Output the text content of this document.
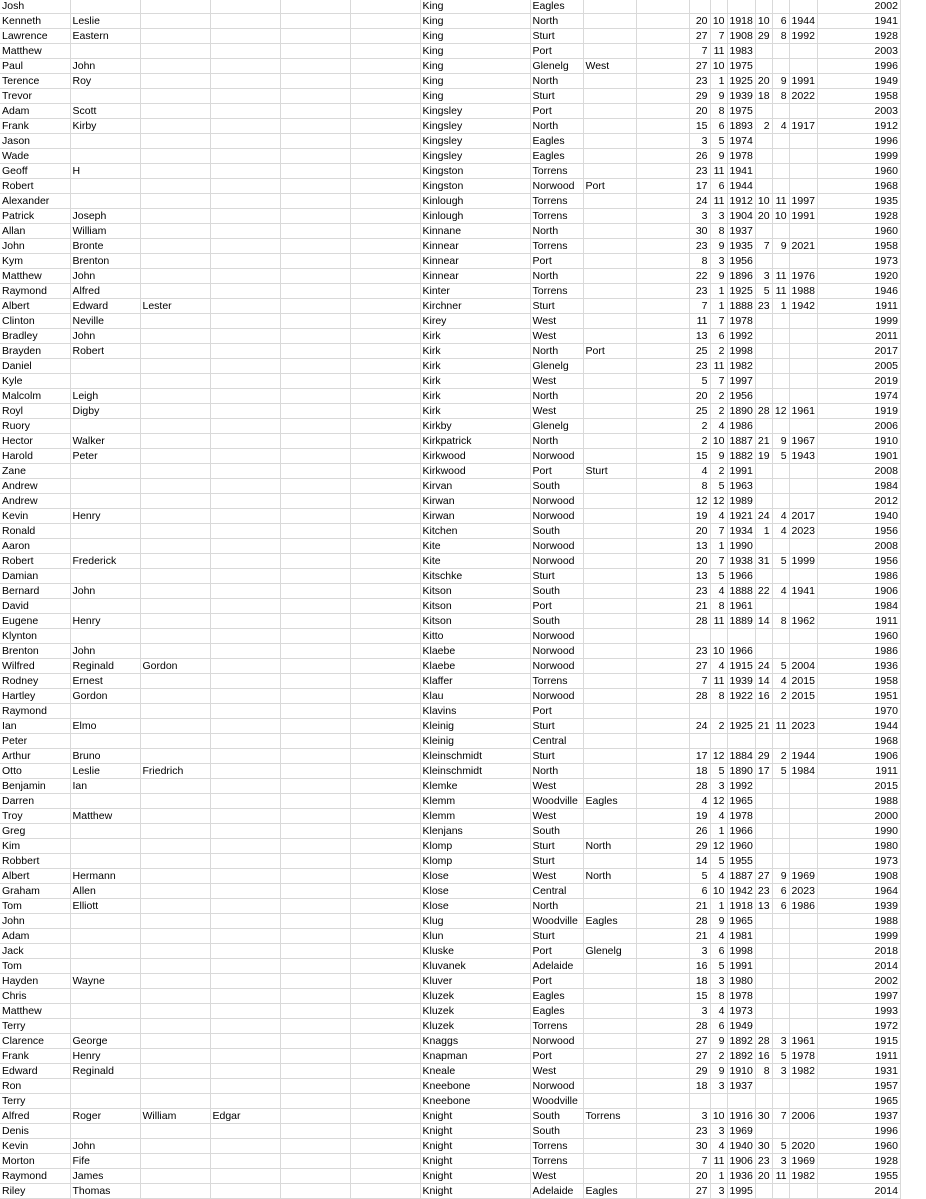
Josh						King	Eagles									2002
Kenneth	Leslie					King	North			20	10	1918	10	6	1944	1941
Lawrence	Eastern					King	Sturt			27	7	1908	29	8	1992	1928
Matthew						King	Port			7	11	1983				2003
Paul	John					King	Glenelg	West		27	10	1975				1996
Terence	Roy					King	North			23	1	1925	20	9	1991	1949
Trevor						King	Sturt			29	9	1939	18	8	2022	1958
Adam	Scott					Kingsley	Port			20	8	1975				2003
Frank	Kirby					Kingsley	North			15	6	1893	2	4	1917	1912
Jason						Kingsley	Eagles			3	5	1974				1996
Wade						Kingsley	Eagles			26	9	1978				1999
Geoff	H					Kingston	Torrens			23	11	1941				1960
Robert						Kingston	Norwood	Port		17	6	1944				1968
Alexander						Kinlough	Torrens			24	11	1912	10	11	1997	1935
Patrick	Joseph					Kinlough	Torrens			3	3	1904	20	10	1991	1928
Allan	William					Kinnane	North			30	8	1937				1960
John	Bronte					Kinnear	Torrens			23	9	1935	7	9	2021	1958
Kym	Brenton					Kinnear	Port			8	3	1956				1973
Matthew	John					Kinnear	North			22	9	1896	3	11	1976	1920
Raymond	Alfred					Kinter	Torrens			23	1	1925	5	11	1988	1946
Albert	Edward	Lester				Kirchner	Sturt			7	1	1888	23	1	1942	1911
Clinton	Neville					Kirey	West			11	7	1978				1999
Bradley	John					Kirk	West			13	6	1992				2011
Brayden	Robert					Kirk	North	Port		25	2	1998				2017
Daniel						Kirk	Glenelg			23	11	1982				2005
Kyle						Kirk	West			5	7	1997				2019
Malcolm	Leigh					Kirk	North			20	2	1956				1974
Royl	Digby					Kirk	West			25	2	1890	28	12	1961	1919
Ruory						Kirkby	Glenelg			2	4	1986				2006
Hector	Walker					Kirkpatrick	North			2	10	1887	21	9	1967	1910
Harold	Peter					Kirkwood	Norwood			15	9	1882	19	5	1943	1901
Zane						Kirkwood	Port	Sturt		4	2	1991				2008
Andrew						Kirvan	South			8	5	1963				1984
Andrew						Kirwan	Norwood			12	12	1989				2012
Kevin	Henry					Kirwan	Norwood			19	4	1921	24	4	2017	1940
Ronald						Kitchen	South			20	7	1934	1	4	2023	1956
Aaron						Kite	Norwood			13	1	1990				2008
Robert	Frederick					Kite	Norwood			20	7	1938	31	5	1999	1956
Damian						Kitschke	Sturt			13	5	1966				1986
Bernard	John					Kitson	South			23	4	1888	22	4	1941	1906
David						Kitson	Port			21	8	1961				1984
Eugene	Henry					Kitson	South			28	11	1889	14	8	1962	1911
Klynton						Kitto	Norwood									1960
Brenton	John					Klaebe	Norwood			23	10	1966				1986
Wilfred	Reginald	Gordon				Klaebe	Norwood			27	4	1915	24	5	2004	1936
Rodney	Ernest					Klaffer	Torrens			7	11	1939	14	4	2015	1958
Hartley	Gordon					Klau	Norwood			28	8	1922	16	2	2015	1951
Raymond						Klavins	Port									1970
Ian	Elmo					Kleinig	Sturt			24	2	1925	21	11	2023	1944
Peter						Kleinig	Central									1968
Arthur	Bruno					Kleinschmidt	Sturt			17	12	1884	29	2	1944	1906
Otto	Leslie	Friedrich				Kleinschmidt	North			18	5	1890	17	5	1984	1911
Benjamin	Ian					Klemke	West			28	3	1992				2015
Darren						Klemm	Woodville	Eagles		4	12	1965				1988
Troy	Matthew					Klemm	West			19	4	1978				2000
Greg						Klenjans	South			26	1	1966				1990
Kim						Klomp	Sturt	North		29	12	1960				1980
Robbert						Klomp	Sturt			14	5	1955				1973
Albert	Hermann					Klose	West	North		5	4	1887	27	9	1969	1908
Graham	Allen					Klose	Central			6	10	1942	23	6	2023	1964
Tom	Elliott					Klose	North			21	1	1918	13	6	1986	1939
John						Klug	Woodville	Eagles		28	9	1965				1988
Adam						Klun	Sturt			21	4	1981				1999
Jack						Kluske	Port	Glenelg		3	6	1998				2018
Tom						Kluvanek	Adelaide			16	5	1991				2014
Hayden	Wayne					Kluver	Port			18	3	1980				2002
Chris						Kluzek	Eagles			15	8	1978				1997
Matthew						Kluzek	Eagles			3	4	1973				1993
Terry						Kluzek	Torrens			28	6	1949				1972
Clarence	George					Knaggs	Norwood			27	9	1892	28	3	1961	1915
Frank	Henry					Knapman	Port			27	2	1892	16	5	1978	1911
Edward	Reginald					Kneale	West			29	9	1910	8	3	1982	1931
Ron						Kneebone	Norwood			18	3	1937				1957
Terry						Kneebone	Woodville									1965
Alfred	Roger	William	Edgar			Knight	South	Torrens		3	10	1916	30	7	2006	1937
Denis						Knight	South			23	3	1969				1996
Kevin	John					Knight	Torrens			30	4	1940	30	5	2020	1960
Morton	Fife					Knight	Torrens			7	11	1906	23	3	1969	1928
Raymond	James					Knight	West			20	1	1936	20	11	1982	1955
Riley	Thomas					Knight	Adelaide	Eagles		27	3	1995				2014
